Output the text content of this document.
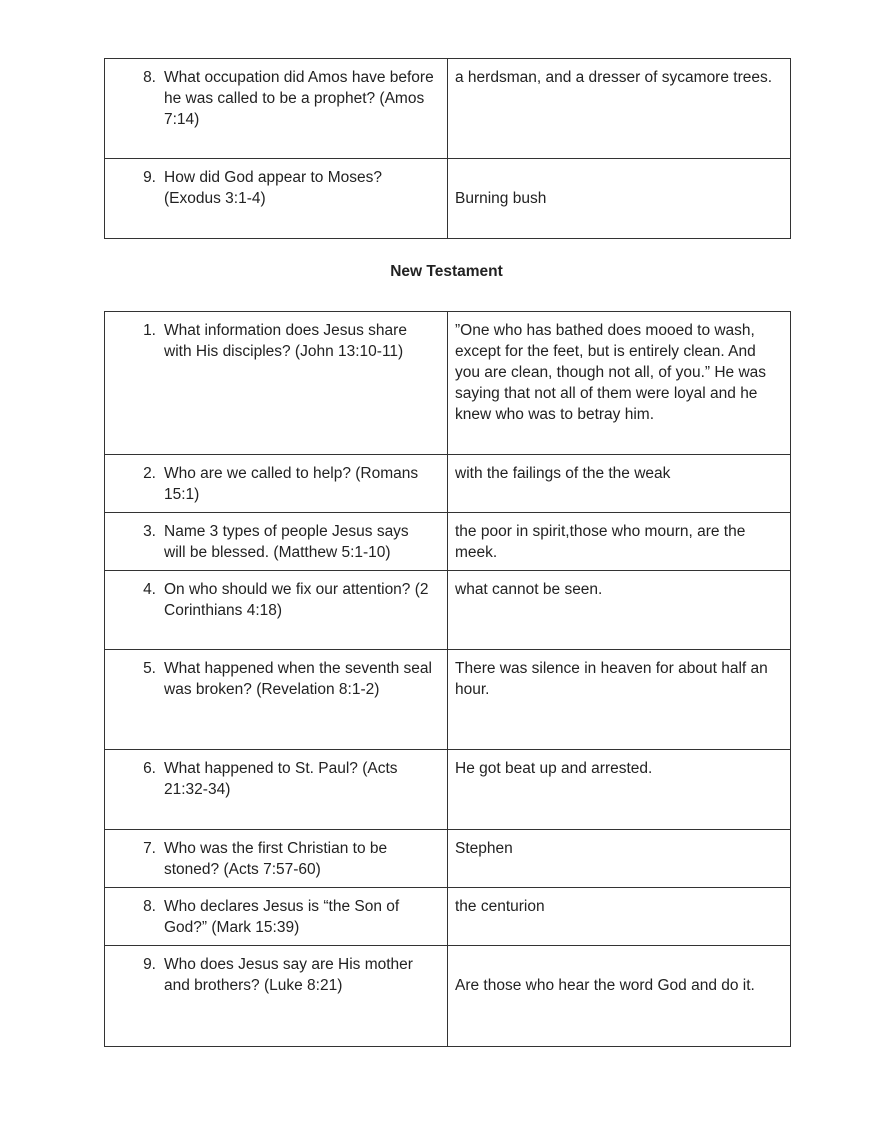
8. What occupation did Amos have before he was called to be a prophet? (Amos 7:14)	a herdsman, and a dresser of sycamore trees.

9. How did God appear to Moses? (Exodus 3:1-4)	Burning bush
New Testament
1. What information does Jesus share with His disciples? (John 13:10-11)	”One who has bathed does mooed to wash, except for the feet, but is entirely clean. And you are clean, though not all, of you.” He was saying that not all of them were loyal and he knew who was to betray him.

2. Who are we called to help? (Romans 15:1)	with the failings of the the weak

3. Name 3 types of people Jesus says will be blessed. (Matthew 5:1-10)	the poor in spirit,those who mourn, are the meek.

4. On who should we fix our attention? (2 Corinthians 4:18)	what cannot be seen.

5. What happened when the seventh seal was broken? (Revelation 8:1-2)	There was silence in heaven for about half an hour.

6. What happened to St. Paul? (Acts 21:32-34)	He got beat up and arrested.

7. Who was the first Christian to be stoned? (Acts 7:57-60)	Stephen

8. Who declares Jesus is “the Son of God?” (Mark 15:39)	the centurion

9. Who does Jesus say are His mother and brothers? (Luke 8:21)	Are those who hear the word God and do it.
